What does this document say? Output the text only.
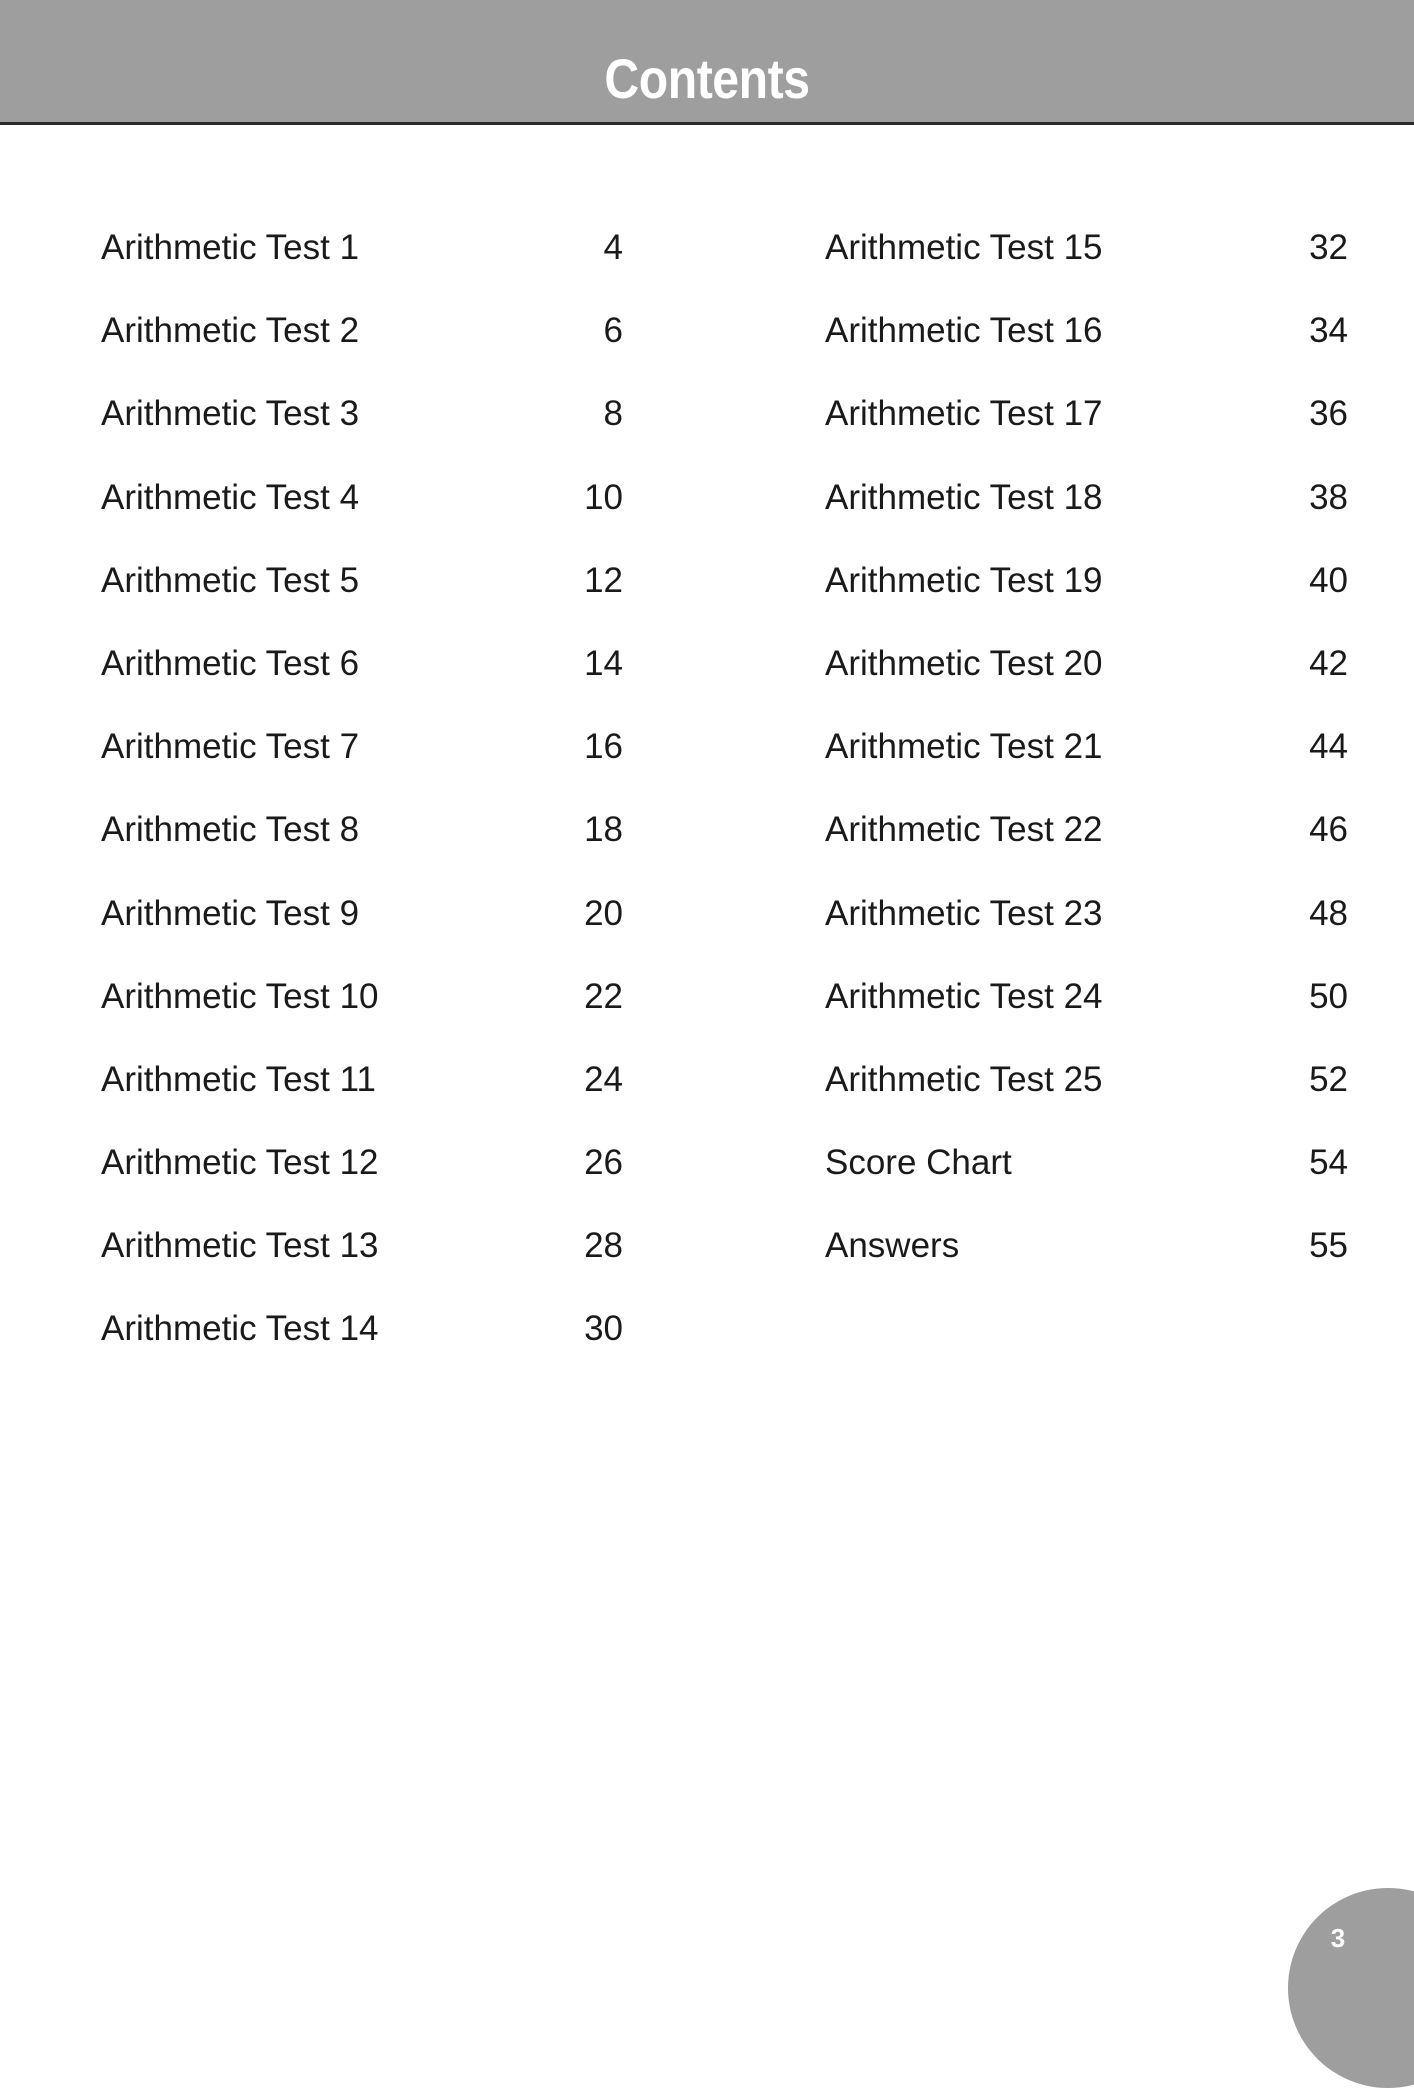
Contents
Arithmetic Test 1	4
Arithmetic Test 2	6
Arithmetic Test 3	8
Arithmetic Test 4	10
Arithmetic Test 5	12
Arithmetic Test 6	14
Arithmetic Test 7	16
Arithmetic Test 8	18
Arithmetic Test 9	20
Arithmetic Test 10	22
Arithmetic Test 11	24
Arithmetic Test 12	26
Arithmetic Test 13	28
Arithmetic Test 14	30
Arithmetic Test 15	32
Arithmetic Test 16	34
Arithmetic Test 17	36
Arithmetic Test 18	38
Arithmetic Test 19	40
Arithmetic Test 20	42
Arithmetic Test 21	44
Arithmetic Test 22	46
Arithmetic Test 23	48
Arithmetic Test 24	50
Arithmetic Test 25	52
Score Chart	54
Answers	55
3
